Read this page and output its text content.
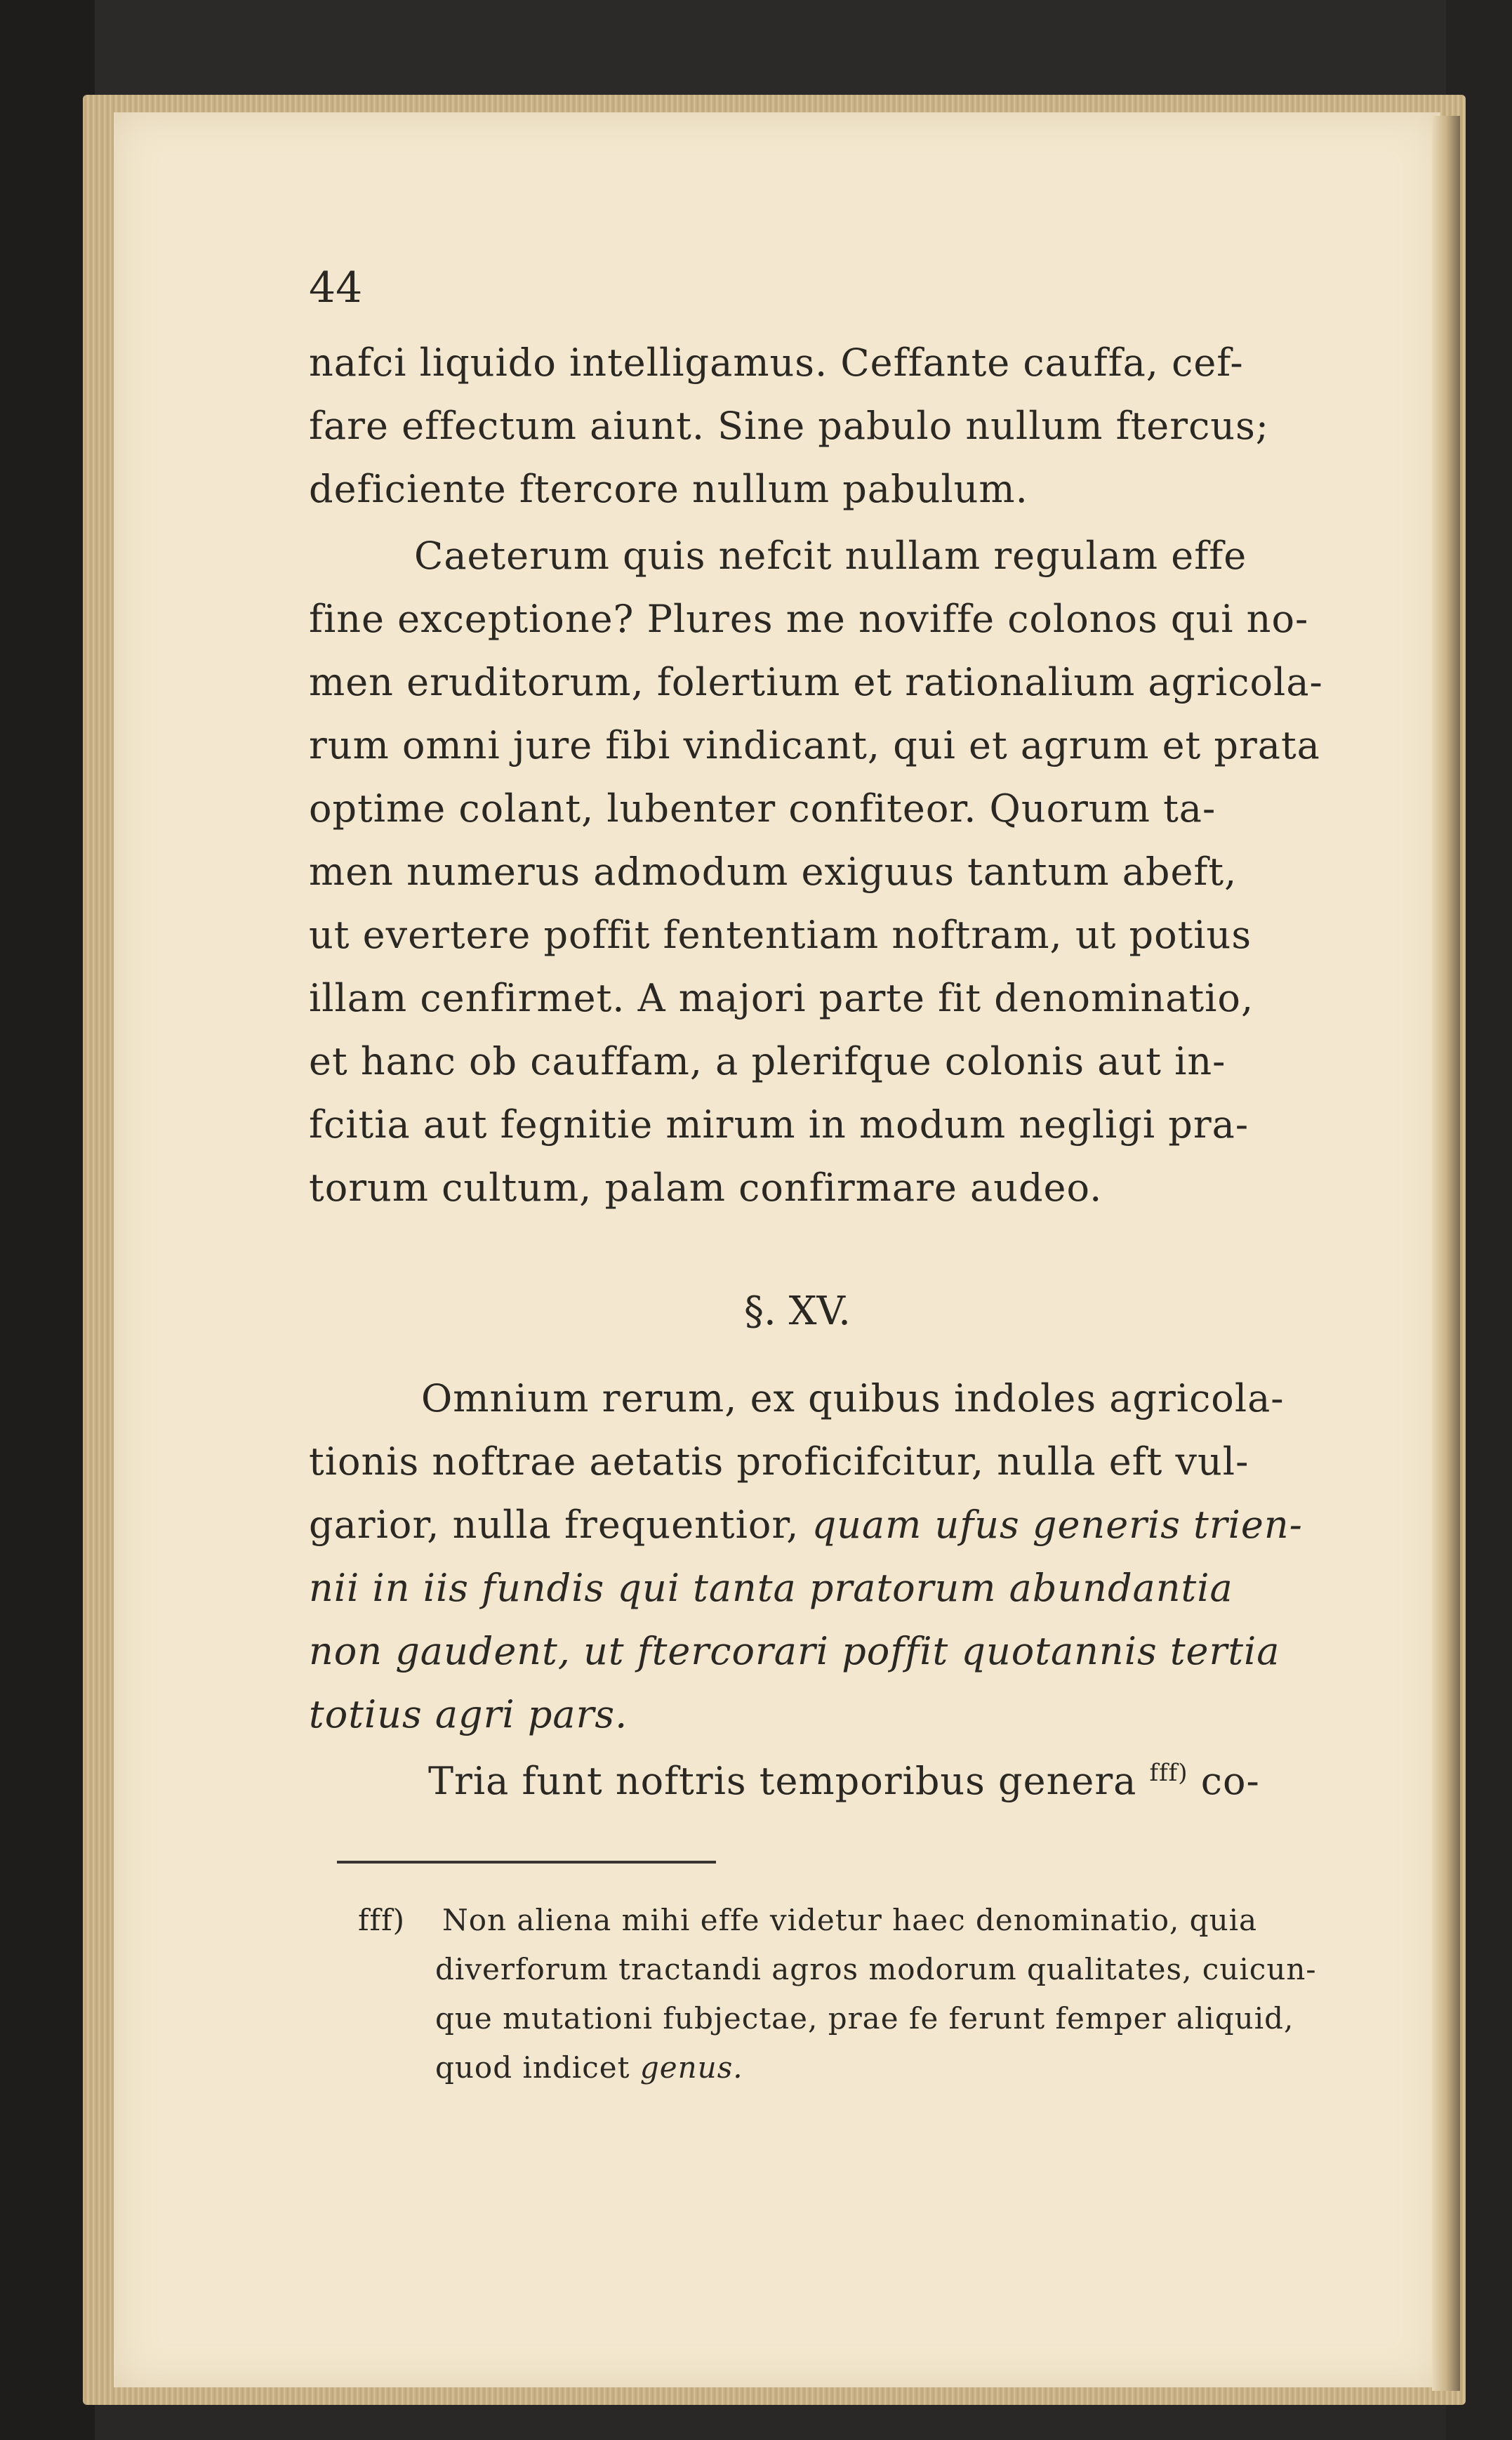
44
nafci liquido intelligamus. Ceffante cauffa, cef-
fare effectum aiunt. Sine pabulo nullum ftercus;
deficiente ftercore nullum pabulum.
Caeterum quis nefcit nullam regulam effe
fine exceptione? Plures me noviffe colonos qui no-
men eruditorum, folertium et rationalium agricola-
rum omni jure fibi vindicant, qui et agrum et prata
optime colant, lubenter confiteor. Quorum ta-
men numerus admodum exiguus tantum abeft,
ut evertere poffit fententiam noftram, ut potius
illam cenfirmet. A majori parte fit denominatio,
et hanc ob cauffam, a plerifque colonis aut in-
fcitia aut fegnitie mirum in modum negligi pra-
torum cultum, palam confirmare audeo.
§. XV.
Omnium rerum, ex quibus indoles agricola-
tionis noftrae aetatis proficifcitur, nulla eft vul-
garior, nulla frequentior, quam ufus generis trien-
nii in iis fundis qui tanta pratorum abundantia
non gaudent, ut ftercorari poffit quotannis tertia
totius agri pars.
Tria funt noftris temporibus genera $^{fff)}$ co-
fff) Non aliena mihi effe videtur haec denominatio, quia
diverforum tractandi agros modorum qualitates, cuicun-
que mutationi fubjectae, prae fe ferunt femper aliquid,
quod indicet genus.
